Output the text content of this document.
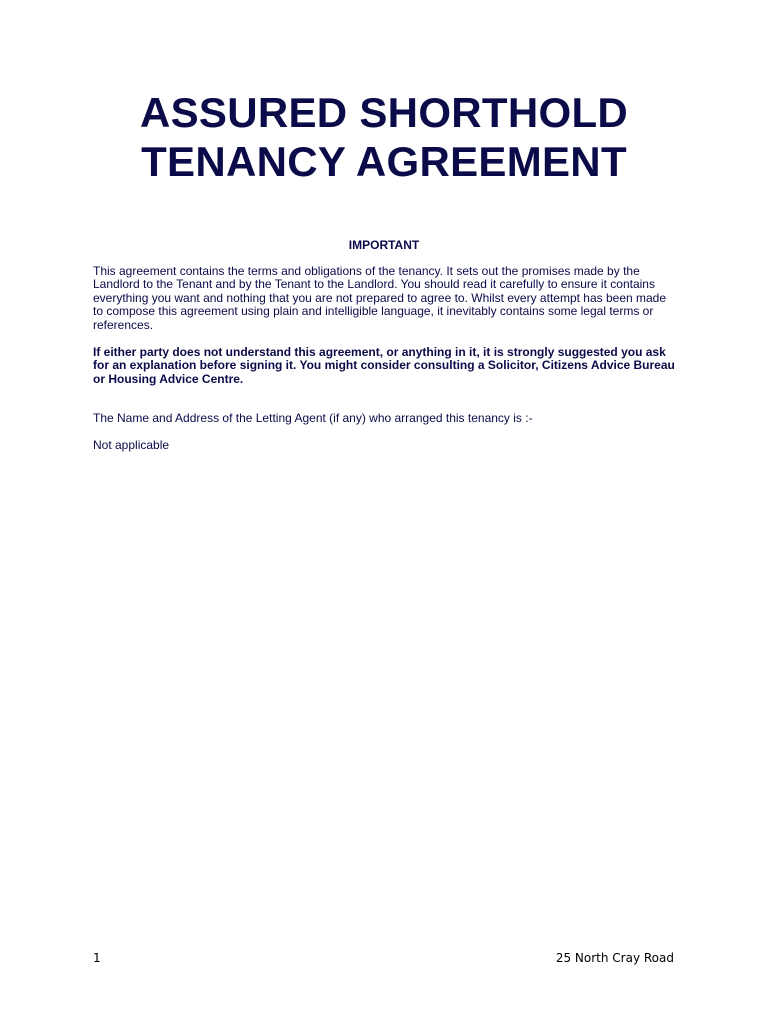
ASSURED SHORTHOLD
TENANCY AGREEMENT
IMPORTANT

This agreement contains the terms and obligations of the tenancy. It sets out the promises made by the Landlord to the Tenant and by the Tenant to the Landlord. You should read it carefully to ensure it contains everything you want and nothing that you are not prepared to agree to. Whilst every attempt has been made to compose this agreement using plain and intelligible language, it inevitably contains some legal terms or references.

If either party does not understand this agreement, or anything in it, it is strongly suggested you ask for an explanation before signing it. You might consider consulting a Solicitor, Citizens Advice Bureau or Housing Advice Centre.

The Name and Address of the Letting Agent (if any) who arranged this tenancy is :-

Not applicable

1	25 North Cray Road
